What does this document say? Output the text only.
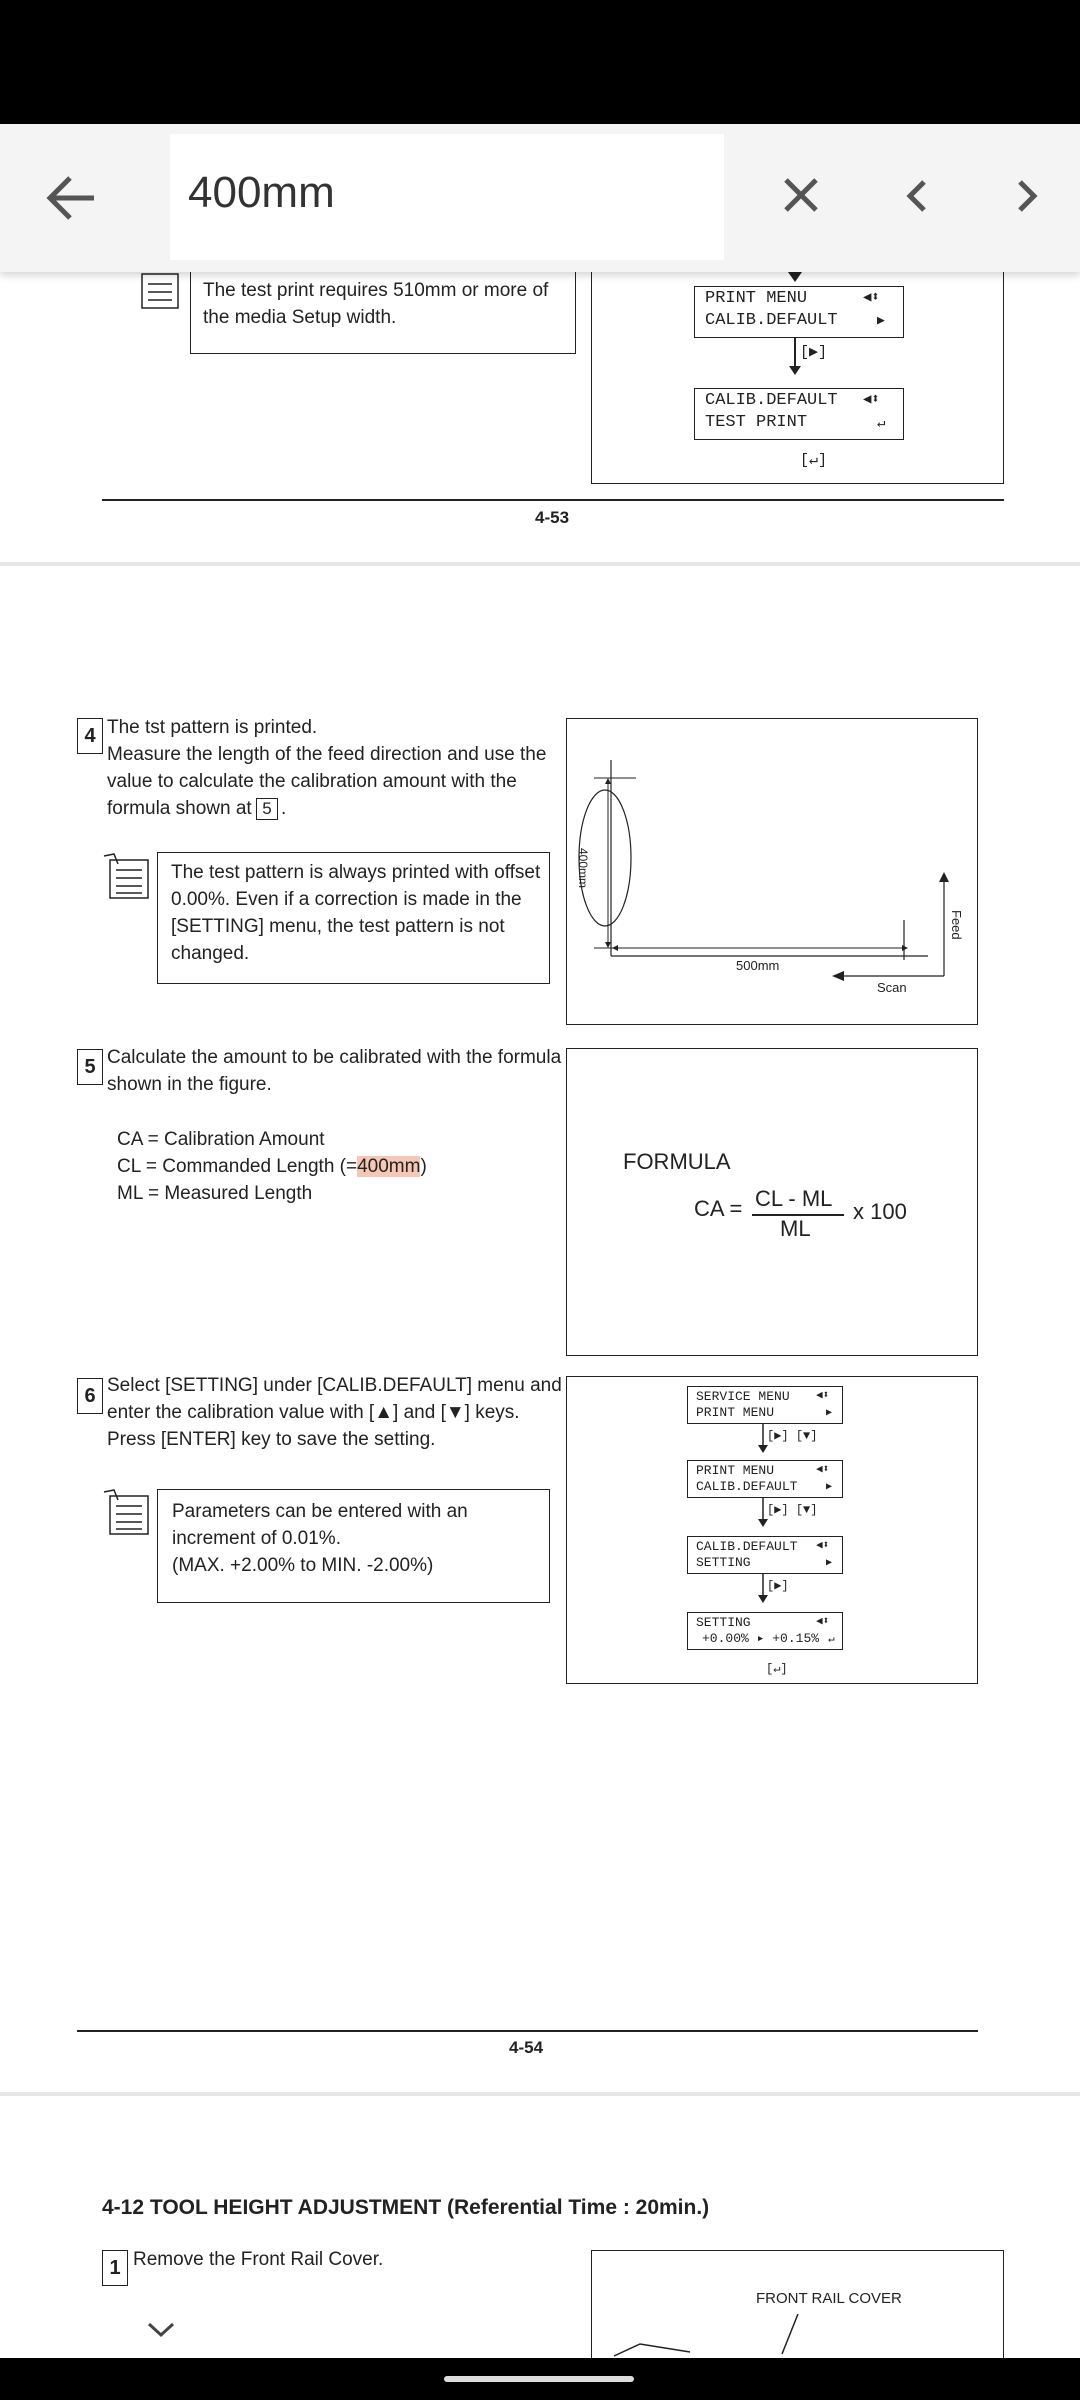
The test print requires 510mm or more of the media Setup width.
PRINT MENU
CALIB.DEFAULT
◀⬍
▶
[▶]
CALIB.DEFAULT
TEST PRINT
◀⬍
↵
[↵]
4-53
4 The tst pattern is printed.
Measure the length of the feed direction and use the
value to calculate the calibration amount with the
formula shown at 5 .
The test pattern is always printed with offset
0.00%. Even if a correction is made in the
[SETTING] menu, the test pattern is not
changed.
400mm
500mm
Feed
Scan
5 Calculate the amount to be calibrated with the formula
shown in the figure.
CA = Calibration Amount
CL = Commanded Length (=400mm)
ML = Measured Length
FORMULA
CA = CL - ML
ML
x 100
6 Select [SETTING] under [CALIB.DEFAULT] menu and
enter the calibration value with [▲] and [▼] keys.
Press [ENTER] key to save the setting.
Parameters can be entered with an
increment of 0.01%.
(MAX. +2.00% to MIN. -2.00%)
SERVICE MENU
PRINT MENU
◀⬍
▶
[▶] [▼]
PRINT MENU
CALIB.DEFAULT
◀⬍
▶
[▶] [▼]
CALIB.DEFAULT
SETTING
◀⬍
▶
[▶]
SETTING
+0.00% ▸ +0.15%
◀⬍
↵
[↵]
4-54
4-12 TOOL HEIGHT ADJUSTMENT (Referential Time : 20min.)
1 Remove the Front Rail Cover.
FRONT RAIL COVER
400mm
